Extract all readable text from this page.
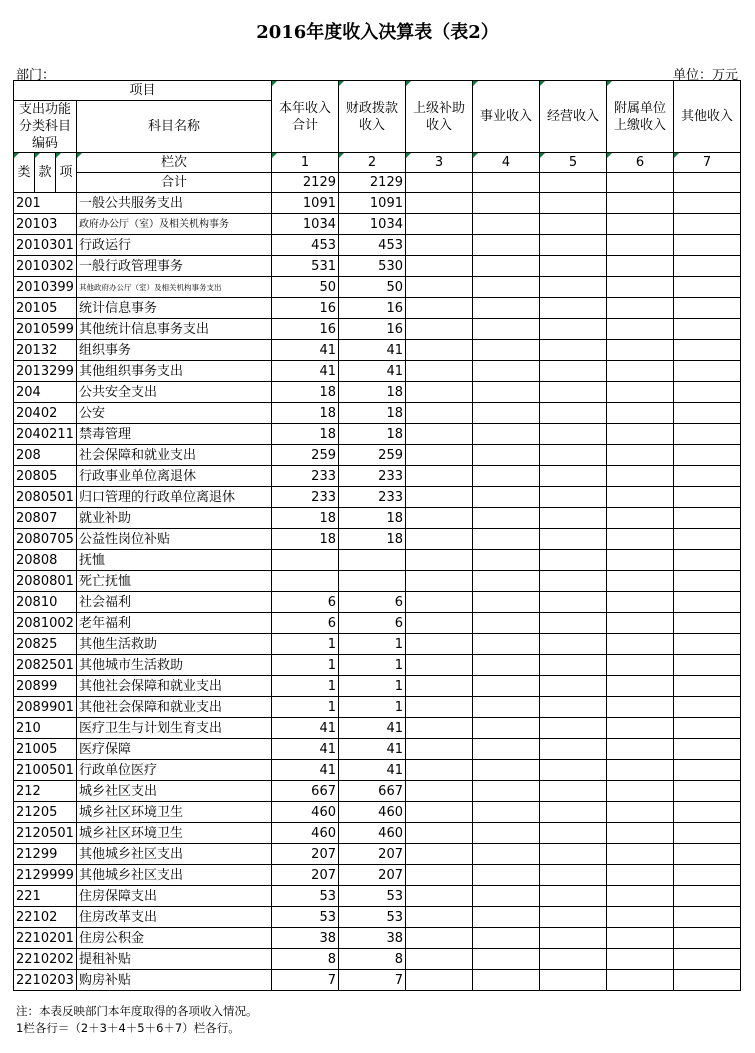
2016年度收入决算表（表2）
部门：	单位：万元
项目				本年收入合计	财政拨款收入	上级补助收入	事业收入	经营收入	附属单位上缴收入	其他收入
支出功能分类科目编码			科目名称							

类	款	项	栏次	1	2	3	4	5	6	7
			合计	2129	2129					
201			一般公共服务支出	1091	1091					
20103			政府办公厅（室）及相关机构事务	1034	1034					
2010301			行政运行	453	453					
2010302			一般行政管理事务	531	530					
2010399			其他政府办公厅（室）及相关机构事务支出	50	50					
20105			统计信息事务	16	16					
2010599			其他统计信息事务支出	16	16					
20132			组织事务	41	41					
2013299			其他组织事务支出	41	41					
204			公共安全支出	18	18					
20402			公安	18	18					
2040211			禁毒管理	18	18					
208			社会保障和就业支出	259	259					
20805			行政事业单位离退休	233	233					
2080501			归口管理的行政单位离退休	233	233					
20807			就业补助	18	18					
2080705			公益性岗位补贴	18	18					
20808			抚恤							
2080801			死亡抚恤							
20810			社会福利	6	6					
2081002			老年福利	6	6					
20825			其他生活救助	1	1					
2082501			其他城市生活救助	1	1					
20899			其他社会保障和就业支出	1	1					
2089901			其他社会保障和就业支出	1	1					
210			医疗卫生与计划生育支出	41	41					
21005			医疗保障	41	41					
2100501			行政单位医疗	41	41					
212			城乡社区支出	667	667					
21205			城乡社区环境卫生	460	460					
2120501			城乡社区环境卫生	460	460					
21299			其他城乡社区支出	207	207					
2129999			其他城乡社区支出	207	207					
221			住房保障支出	53	53					
22102			住房改革支出	53	53					
2210201			住房公积金	38	38					
2210202			提租补贴	8	8					
2210203			购房补贴	7	7					
注：本表反映部门本年度取得的各项收入情况。
1栏各行＝（2＋3＋4＋5＋6＋7）栏各行。
